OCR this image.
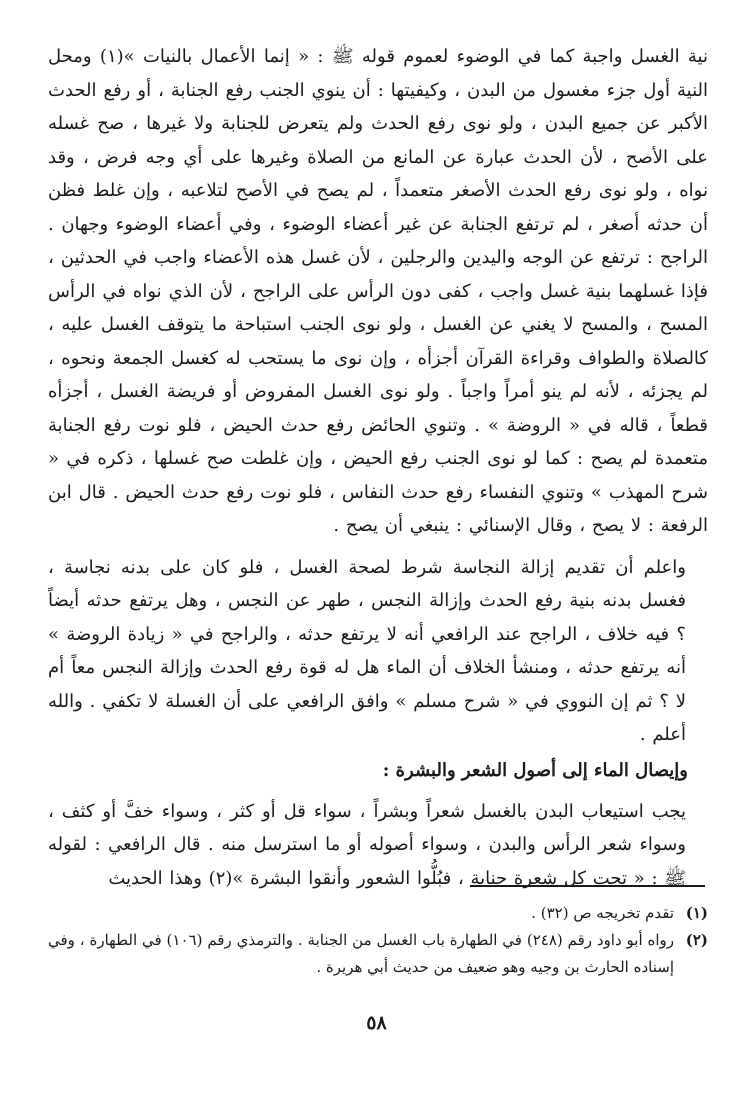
نية الغسل واجبة كما في الوضوء لعموم قوله ﷺ : « إنما الأعمال بالنيات »(١) ومحل النية أول جزء مغسول من البدن ، وكيفيتها : أن ينوي الجنب رفع الجنابة ، أو رفع الحدث الأكبر عن جميع البدن ، ولو نوى رفع الحدث ولم يتعرض للجنابة ولا غيرها ، صح غسله على الأصح ، لأن الحدث عبارة عن المانع من الصلاة وغيرها على أي وجه فرض ، وقد نواه ، ولو نوى رفع الحدث الأصغر متعمداً ، لم يصح في الأصح لتلاعبه ، وإن غلط فظن أن حدثه أصغر ، لم ترتفع الجنابة عن غير أعضاء الوضوء ، وفي أعضاء الوضوء وجهان . الراجح : ترتفع عن الوجه واليدين والرجلين ، لأن غسل هذه الأعضاء واجب في الحدثين ، فإذا غسلهما بنية غسل واجب ، كفى دون الرأس على الراجح ، لأن الذي نواه في الرأس المسح ، والمسح لا يغني عن الغسل ، ولو نوى الجنب استباحة ما يتوقف الغسل عليه ، كالصلاة والطواف وقراءة القرآن أجزأه ، وإن نوى ما يستحب له كغسل الجمعة ونحوه ، لم يجزئه ، لأنه لم ينو أمراً واجباً . ولو نوى الغسل المفروض أو فريضة الغسل ، أجزأه قطعاً ، قاله في « الروضة » . وتنوي الحائض رفع حدث الحيض ، فلو نوت رفع الجنابة متعمدة لم يصح : كما لو نوى الجنب رفع الحيض ، وإن غلطت صح غسلها ، ذكره في « شرح المهذب » وتنوي النفساء رفع حدث النفاس ، فلو نوت رفع حدث الحيض . قال ابن الرفعة : لا يصح ، وقال الإسنائي : ينبغي أن يصح .

واعلم أن تقديم إزالة النجاسة شرط لصحة الغسل ، فلو كان على بدنه نجاسة ، فغسل بدنه بنية رفع الحدث وإزالة النجس ، طهر عن النجس ، وهل يرتفع حدثه أيضاً ؟ فيه خلاف ، الراجح عند الرافعي أنه لا يرتفع حدثه ، والراجح في « زيادة الروضة » أنه يرتفع حدثه ، ومنشأ الخلاف أن الماء هل له قوة رفع الحدث وإزالة النجس معاً أم لا ؟ ثم إن النووي في « شرح مسلم » وافق الرافعي على أن الغسلة لا تكفي . والله أعلم .

وإيصال الماء إلى أصول الشعر والبشرة :

يجب استيعاب البدن بالغسل شعراً وبشراً ، سواء قل أو كثر ، وسواء خفَّ أو كثف ، وسواء شعر الرأس والبدن ، وسواء أصوله أو ما استرسل منه . قال الرافعي : لقوله ﷺ : « تحت كل شعرة جنابة ، فبُلُّوا الشعور وأنقوا البشرة »(٢) وهذا الحديث

(١)
تقدم تخريجه ص (٣٢) .
(٢)
رواه أبو داود رقم (٢٤٨) في الطهارة باب الغسل من الجنابة . والترمذي رقم (١٠٦) في الطهارة ، وفي إسناده الحارث بن وجيه وهو ضعيف من حديث أبي هريرة .
٥٨
